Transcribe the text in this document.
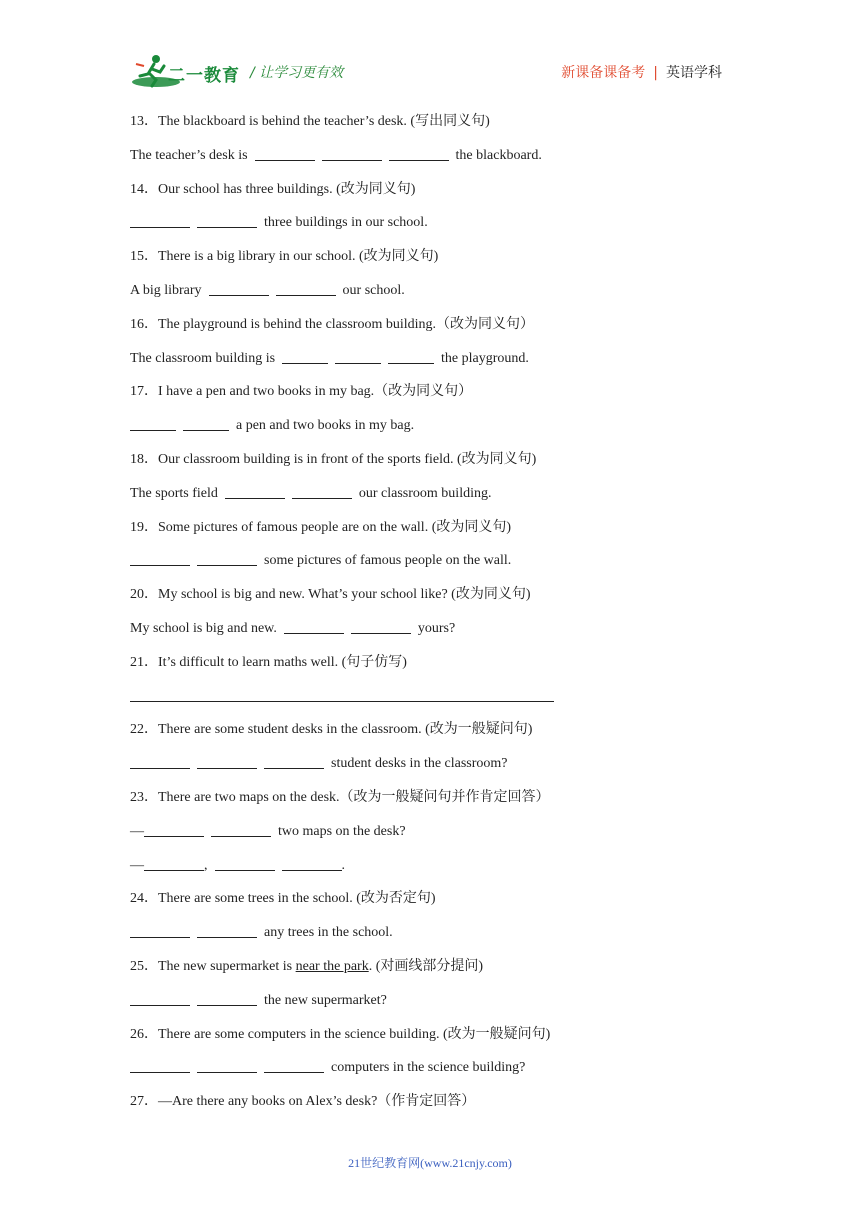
二一教育 / 让学习更有效	新课备课备考 | 英语学科
13．The blackboard is behind the teacher’s desk. (写出同义句)
The teacher’s desk is	the blackboard.
14．Our school has three buildings. (改为同义句)
three buildings in our school.
15．There is a big library in our school. (改为同义句)
A big library	our school.
16．The playground is behind the classroom building.（改为同义句）
The classroom building is	the playground.
17．I have a pen and two books in my bag.（改为同义句）
a pen and two books in my bag.
18．Our classroom building is in front of the sports field. (改为同义句)
The sports field	our classroom building.
19．Some pictures of famous people are on the wall. (改为同义句)
some pictures of famous people on the wall.
20．My school is big and new. What’s your school like? (改为同义句)
My school is big and new.	yours?
21．It’s difficult to learn maths well. (句子仿写)
22．There are some student desks in the classroom. (改为一般疑问句)
student desks in the classroom?
23．There are two maps on the desk.（改为一般疑问句并作肯定回答）
—	two maps on the desk?
—	,	.
24．There are some trees in the school. (改为否定句)
any trees in the school.
25．The new supermarket is near the park. (对画线部分提问)
the new supermarket?
26．There are some computers in the science building. (改为一般疑问句)
computers in the science building?
27．—Are there any books on Alex’s desk?（作肯定回答）
21世纪教育网(www.21cnjy.com)
